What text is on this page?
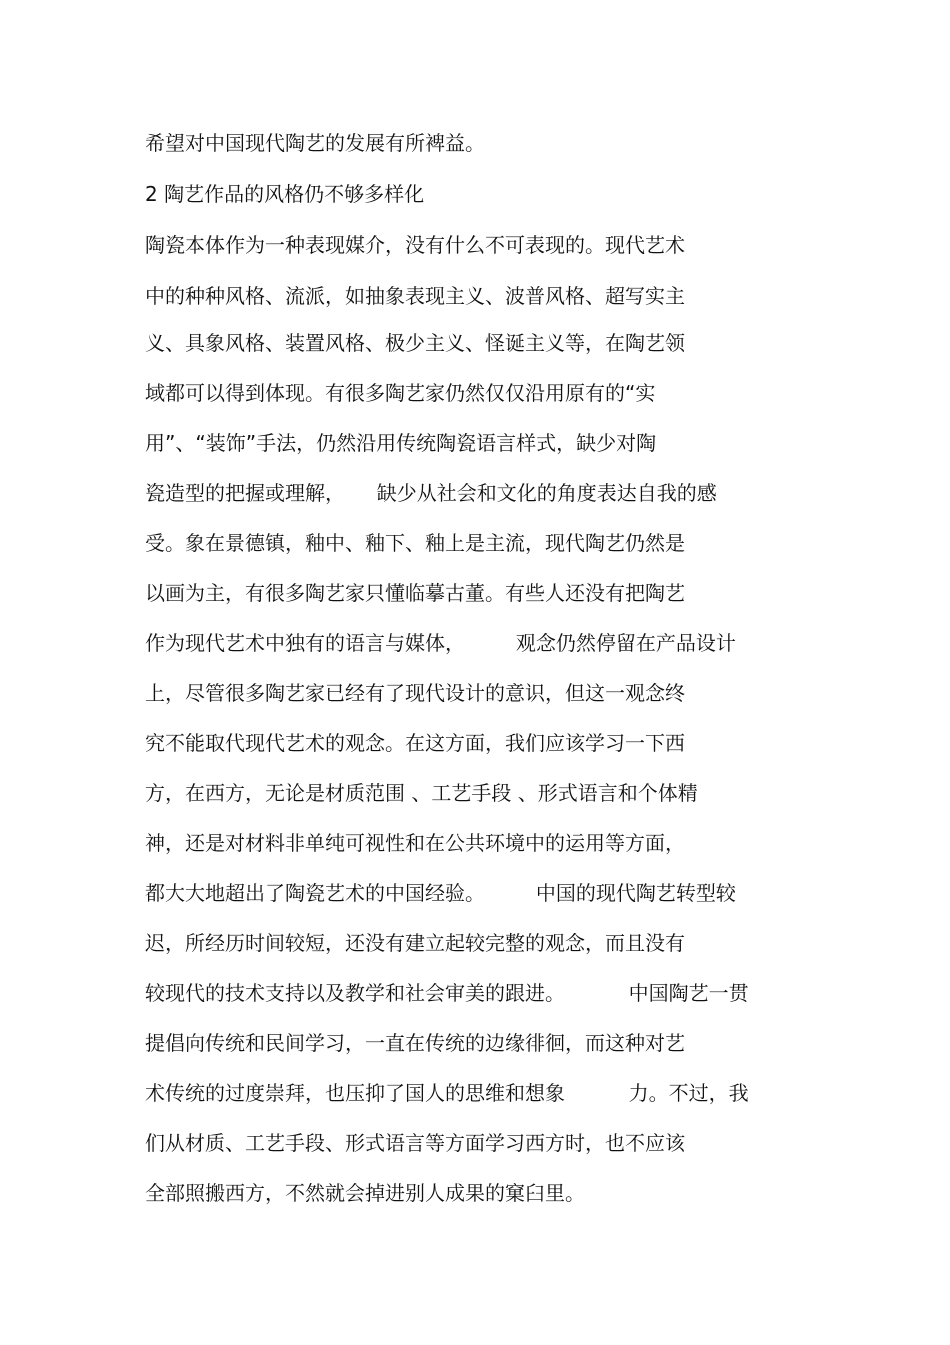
希望对中国现代陶艺的发展有所裨益。

2 陶艺作品的风格仍不够多样化

陶瓷本体作为一种表现媒介，没有什么不可表现的。现代艺术

中的种种风格、流派，如抽象表现主义、波普风格、超写实主

义、具象风格、装置风格、极少主义、怪诞主义等，在陶艺领

域都可以得到体现。有很多陶艺家仍然仅仅沿用原有的“实

用”、“装饰”手法，仍然沿用传统陶瓷语言样式，缺少对陶

瓷造型的把握或理解，     缺少从社会和文化的角度表达自我的感

受。象在景德镇，釉中、釉下、釉上是主流，现代陶艺仍然是

以画为主，有很多陶艺家只懂临摹古董。有些人还没有把陶艺

作为现代艺术中独有的语言与媒体，        观念仍然停留在产品设计

上，尽管很多陶艺家已经有了现代设计的意识，但这一观念终

究不能取代现代艺术的观念。在这方面，我们应该学习一下西

方，在西方，无论是材质范围 、工艺手段 、形式语言和个体精

神，还是对材料非单纯可视性和在公共环境中的运用等方面，

都大大地超出了陶瓷艺术的中国经验。        中国的现代陶艺转型较

迟，所经历时间较短，还没有建立起较完整的观念，而且没有

较现代的技术支持以及教学和社会审美的跟进。          中国陶艺一贯

提倡向传统和民间学习，一直在传统的边缘徘徊，而这种对艺

术传统的过度崇拜，也压抑了国人的思维和想象          力。不过，我

们从材质、工艺手段、形式语言等方面学习西方时，也不应该

全部照搬西方，不然就会掉进别人成果的窠臼里。
